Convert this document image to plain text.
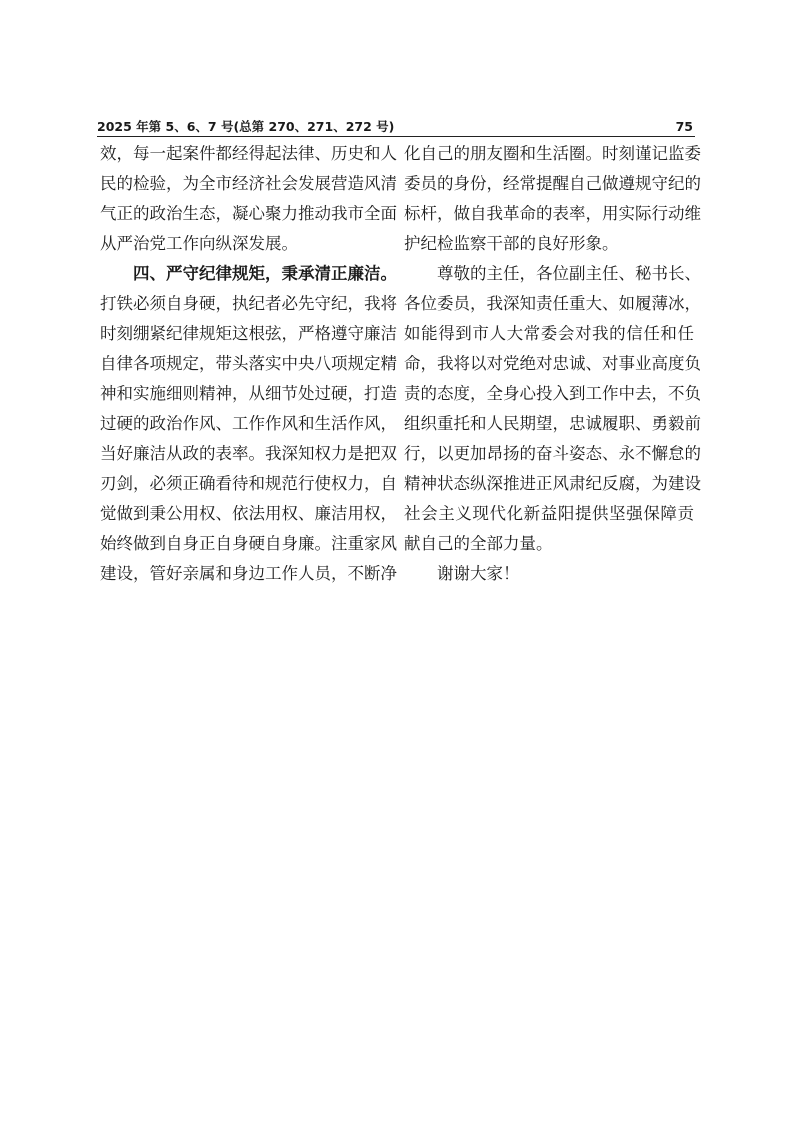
2025 年第 5、6、7 号(总第 270、271、272 号)	75

效，每一起案件都经得起法律、历史和人
民的检验，为全市经济社会发展营造风清
气正的政治生态，凝心聚力推动我市全面
从严治党工作向纵深发展。

四、严守纪律规矩，秉承清正廉洁。
打铁必须自身硬，执纪者必先守纪，我将
时刻绷紧纪律规矩这根弦，严格遵守廉洁
自律各项规定，带头落实中央八项规定精
神和实施细则精神，从细节处过硬，打造
过硬的政治作风、工作作风和生活作风，
当好廉洁从政的表率。我深知权力是把双
刃剑，必须正确看待和规范行使权力，自
觉做到秉公用权、依法用权、廉洁用权，
始终做到自身正自身硬自身廉。注重家风
建设，管好亲属和身边工作人员，不断净

化自己的朋友圈和生活圈。时刻谨记监委
委员的身份，经常提醒自己做遵规守纪的
标杆，做自我革命的表率，用实际行动维
护纪检监察干部的良好形象。

尊敬的主任，各位副主任、秘书长、
各位委员，我深知责任重大、如履薄冰，
如能得到市人大常委会对我的信任和任
命，我将以对党绝对忠诚、对事业高度负
责的态度，全身心投入到工作中去，不负
组织重托和人民期望，忠诚履职、勇毅前
行，以更加昂扬的奋斗姿态、永不懈怠的
精神状态纵深推进正风肃纪反腐，为建设
社会主义现代化新益阳提供坚强保障贡
献自己的全部力量。

谢谢大家！
